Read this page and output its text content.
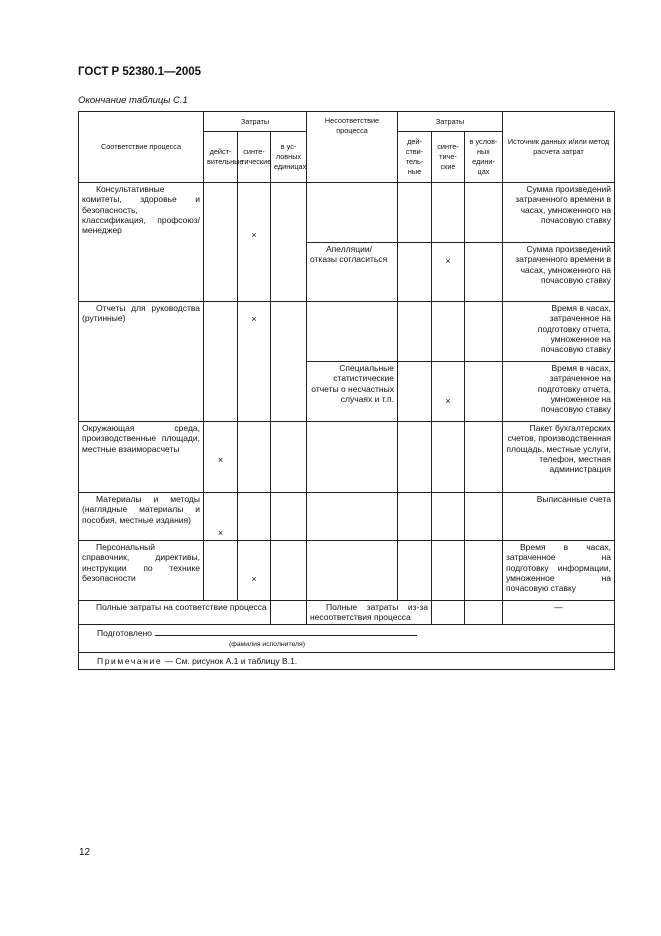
ГОСТ Р 52380.1—2005
Окончание таблицы С.1
Соответствие процесса	Затраты			Несоответствие процесса	Затраты			Источник данных и/или метод расчета затрат
	дейст-вительные	синте-тические	в ус-ловных единицах		дей-стви-тель-ные	синте-тиче-ские	в услов-ных едини-цах	
Консультативные комитеты, здоровье и безопасность, классификация, профсоюз/менеджер		×						Сумма произведений затраченного времени в часах, умноженного на почасовую ставку
				Апелляции/отказы согласиться		×		Сумма произведений затраченного времени в часах, умноженного на почасовую ставку
Отчеты для руководства (рутинные)		×						Время в часах, затраченное на подготовку отчета, умноженное на почасовую ставку
				Специальные статистические отчеты о несчастных случаях и т.п.		×		Время в часах, затраченное на подготовку отчета, умноженное на почасовую ставку
Окружающая среда, производственные площади, местные взаиморасчеты	×							Пакет бухгалтерских счетов, производственная площадь, местные услуги, телефон, местная администрация
Материалы и методы (наглядные материалы и пособия, местные издания)	×							Выписанные счета
Персональный справочник, директивы, инструкции по технике безопасности		×						Время в часах, затраченное на подготовку информации, умноженное на почасовую ставку
Полные затраты на соответствие процесса				Полные затраты из-за несоответствия процесса				—

Подготовлено
(фамилия исполнителя)								

Примечание — См. рисунок А.1 и таблицу В.1.								
12
